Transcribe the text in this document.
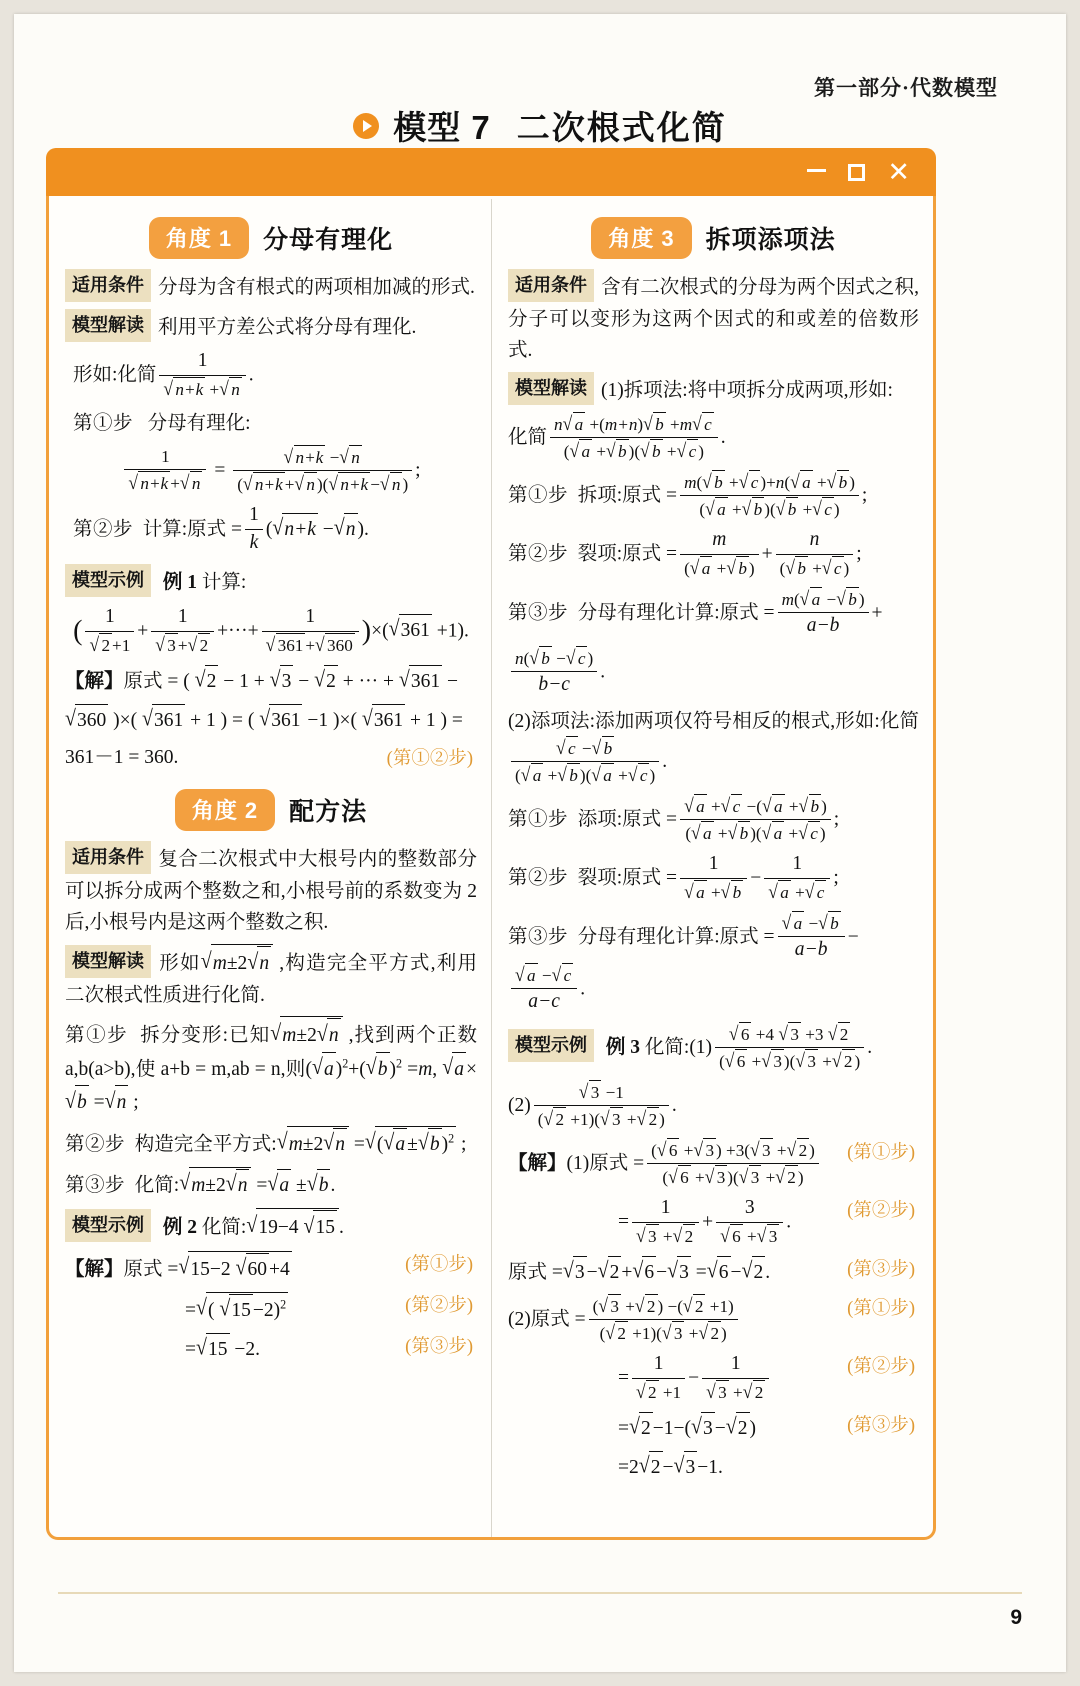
第一部分·代数模型
模型 7 二次根式化简
✕
角度 1	分母有理化
适用条件 分母为含有根式的两项相加减的形式.
模型解读 利用平方差公式将分母有理化.
形如:化简 1
√ n+k + √ n .
第①步 分母有理化:
1
√ n+k + √ n = √ $\frac{n+k - √ n}{( √ n+k + √ n )( √ n+k - √ n )}$ ;
第②步 计算:原式 = $\frac{1}{k}$ ( √ n+k − √ n ).
模型示例 例 1 计算:
( 1
√ 2 +1 + 1
√ 3 + √ 2 +···+ 1
√ 361 + √ 360 )×( √ 361 +1).
【解】原式 = ( √ 2 − 1 + √ 3 − √ 2 + ··· + √ 361 −
√ 360 )×( √ 361 + 1 ) = ( √ 361 −1 )×( √ 361 + 1 ) =
361－1 = 360.	(第①②步)
角度 2	配方法
适用条件 复合二次根式中大根号内的整数部分可以拆分成两个整数之和,小根号前的系数变为 2 后,小根号内是这两个整数之积.
模型解读 形如 √ m±2 √ n ,构造完全平方式,利用二次根式性质进行化简.
第①步 拆分变形:已知 √ m±2 √ n ,找到两个正数 a,b(a>b),使 a+b = m,ab = n,则( √ a )$^2$+( √ b )$^2$ =m, √ a ×√ b = √ n ;
第②步 构造完全平方式: √ m±2 √ n = √ ( √ a ± √ b )$^2$ ;
第③步 化简: √ m±2 √ n = √ a ± √ b .
模型示例 例 2 化简: √ 19−4 √ 15 .
【解】原式 = √ 15−2 √ 60 +4	(第①步)
= √ ( √ 15 −2)$^2$	(第②步)
= √ 15 −2.	(第③步)
角度 3	拆项添项法
适用条件 含有二次根式的分母为两个因式之积,分子可以变形为这两个因式的和或差的倍数形式.
模型解读 (1)拆项法:将中项拆分成两项,形如:
化简 $\frac{n √ a +(m+n) √ b +m √ c}{( √ a + √ b )( √ b + √ c )}$ .
第①步 拆项:原式 = $\frac{m( √ b + √ c )+n( √ a + √ b )}{( √ a + √ b )( √ b + √ c )}$ ;
第②步 裂项:原式 = $\frac{m}{( √ a + √ b )} + \frac{n}{( √ b + √ c )}$ ;
第③步 分母有理化计算:原式 = $\frac{m( √ a - √ b )}{a-b}$ +
$\frac{n( √ b - √ c )}{b-c}$ .
(2)添项法:添加两项仅符号相反的根式,形如:化简
√ $\frac{c - √ b}{( √ a + √ b )( √ a + √ c )}$ .
第①步 添项:原式 = √ $\frac{a + √ c -( √ a + √ b )}{( √ a + √ b )( √ a + √ c )}$ ;
第②步 裂项:原式 = 1
√ a + √ b − 1
√ a + √ c ;
第③步 分母有理化计算:原式 = √ $\frac{a - √ b}{a-b}$ −
√ $\frac{a - √ c}{a-c}$ .
模型示例 例 3 化简:(1) √ $\frac{6 +4 √ 3 +3 √ 2}{( √ 6 + √ 3 )( √ 3 + √ 2 )}$ .
(2) √ $\frac{3 -1}{( √ 2 +1)( √ 3 + √ 2 )}$ .
【解】(1)原式 = $\frac{( √ 6 + √ 3 ) +3( √ 3 + √ 2 )}{( √ 6 + √ 3 )( √ 3 + √ 2 )}$ (第①步)
= 1
√ 3 + √ 2 + 3
√ 6 + √ 3 .
(第②步)
原式 = √ 3 − √ 2 + √ 6 − √ 3 = √ 6 − √ 2 .	(第③步)
(2)原式 = $\frac{( √ 3 + √ 2 ) -( √ 2 +1)}{( √ 2 +1)( √ 3 + √ 2 )}$	(第①步)
= 1
√ 2 +1 − 1
√ 3 + √ 2	(第②步)
= √ 2 −1−( √ 3 − √ 2 )	(第③步)
=2 √ 2 − √ 3 −1.
9
